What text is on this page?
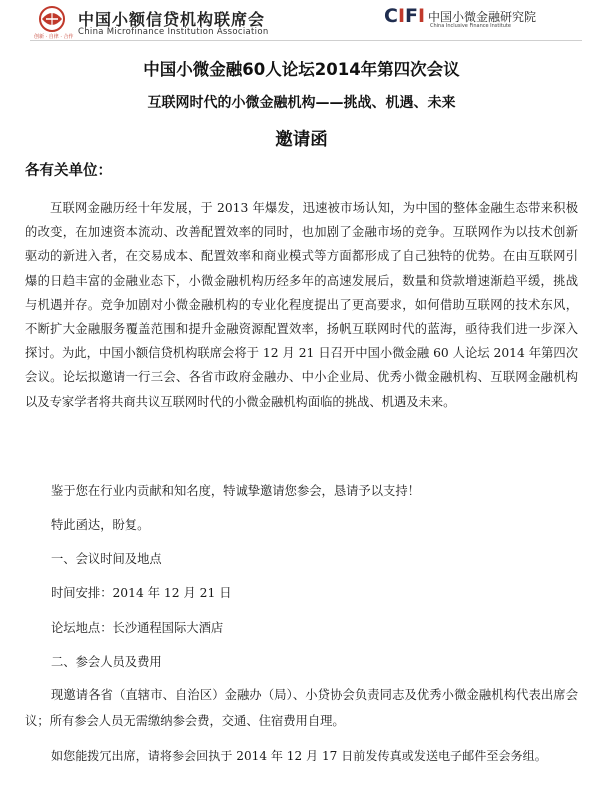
创新 · 自律 · 合作
中国小额信贷机构联席会
China Microfinance Institution Association
CIFI 中国小微金融研究院
China Inclusive Finance Institute
中国小微金融60人论坛2014年第四次会议
互联网时代的小微金融机构——挑战、机遇、未来
邀请函
各有关单位：
互联网金融历经十年发展，于 2013 年爆发，迅速被市场认知，为中国的整体金融生态带来积极的改变，在加速资本流动、改善配置效率的同时，也加剧了金融市场的竞争。互联网作为以技术创新驱动的新进入者，在交易成本、配置效率和商业模式等方面都形成了自己独特的优势。在由互联网引爆的日趋丰富的金融业态下，小微金融机构历经多年的高速发展后，数量和贷款增速渐趋平缓，挑战与机遇并存。竞争加剧对小微金融机构的专业化程度提出了更高要求，如何借助互联网的技术东风，不断扩大金融服务覆盖范围和提升金融资源配置效率，扬帆互联网时代的蓝海，亟待我们进一步深入探讨。为此，中国小额信贷机构联席会将于 12 月 21 日召开中国小微金融 60 人论坛 2014 年第四次会议。论坛拟邀请一行三会、各省市政府金融办、中小企业局、优秀小微金融机构、互联网金融机构以及专家学者将共商共议互联网时代的小微金融机构面临的挑战、机遇及未来。
鉴于您在行业内贡献和知名度，特诚挚邀请您参会，恳请予以支持！
特此函达，盼复。
一、会议时间及地点
时间安排：2014 年 12 月 21 日
论坛地点：长沙通程国际大酒店
二、参会人员及费用
现邀请各省（直辖市、自治区）金融办（局）、小贷协会负责同志及优秀小微金融机构代表出席会议；所有参会人员无需缴纳参会费，交通、住宿费用自理。
如您能拨冗出席，请将参会回执于 2014 年 12 月 17 日前发传真或发送电子邮件至会务组。
